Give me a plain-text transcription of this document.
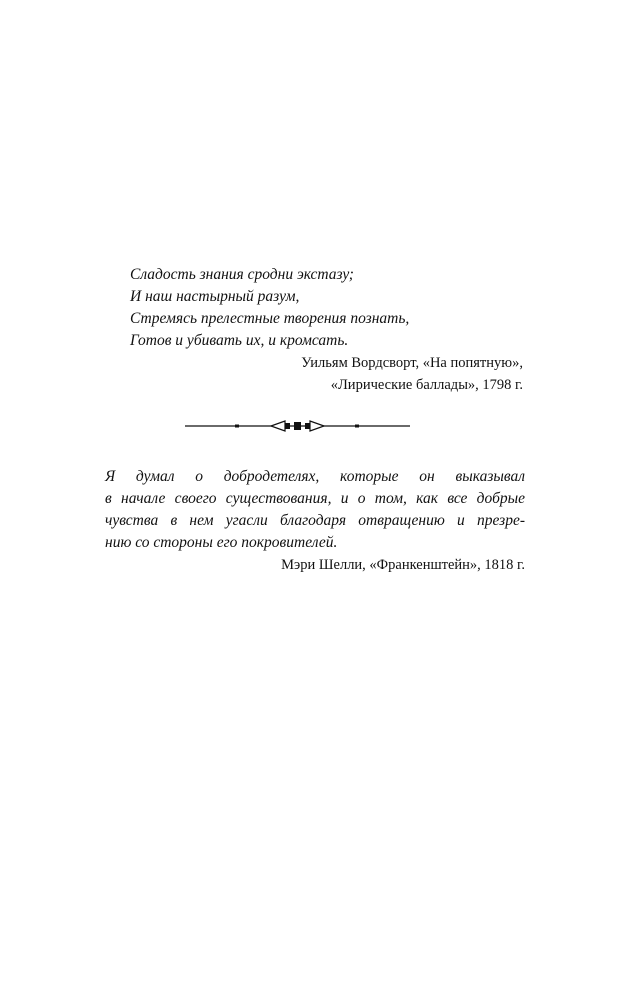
Сладость знания сродни экстазу;
И наш настырный разум,
Стремясь прелестные творения познать,
Готов и убивать их, и кромсать.
Уильям Вордсворт, «На попятную»,
«Лирические баллады», 1798 г.
Я думал о добродетелях, которые он выказывал
в начале своего существования, и о том, как все добрые
чувства в нем угасли благодаря отвращению и презре-
нию со стороны его покровителей.
Мэри Шелли, «Франкенштейн», 1818 г.
